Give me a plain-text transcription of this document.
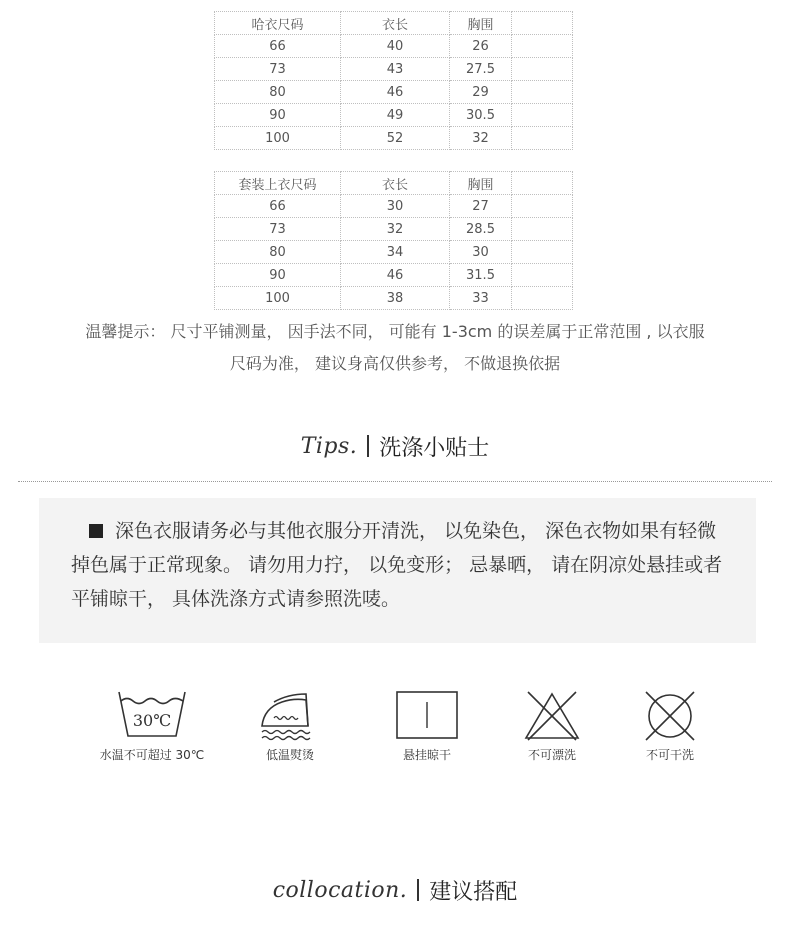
哈衣尺码	衣长	胸围	
66	40	26	
73	43	27.5	
80	46	29	
90	49	30.5	
100	52	32	
套装上衣尺码	衣长	胸围	
66	30	27	
73	32	28.5	
80	34	30	
90	46	31.5	
100	38	33	
温馨提示： 尺寸平铺测量， 因手法不同， 可能有 1-3cm 的误差属于正常范围 , 以衣服
尺码为准， 建议身高仅供参考， 不做退换依据
Tips. 洗涤小贴士

深色衣服请务必与其他衣服分开清洗， 以免染色， 深色衣物如果有轻微掉色属于正常现象。 请勿用力拧， 以免变形； 忌暴晒， 请在阴凉处悬挂或者平铺晾干， 具体洗涤方式请参照洗唛。

30℃
水温不可超过 30℃	低温熨烫	悬挂晾干	不可漂洗	不可干洗
collocation. 建议搭配
